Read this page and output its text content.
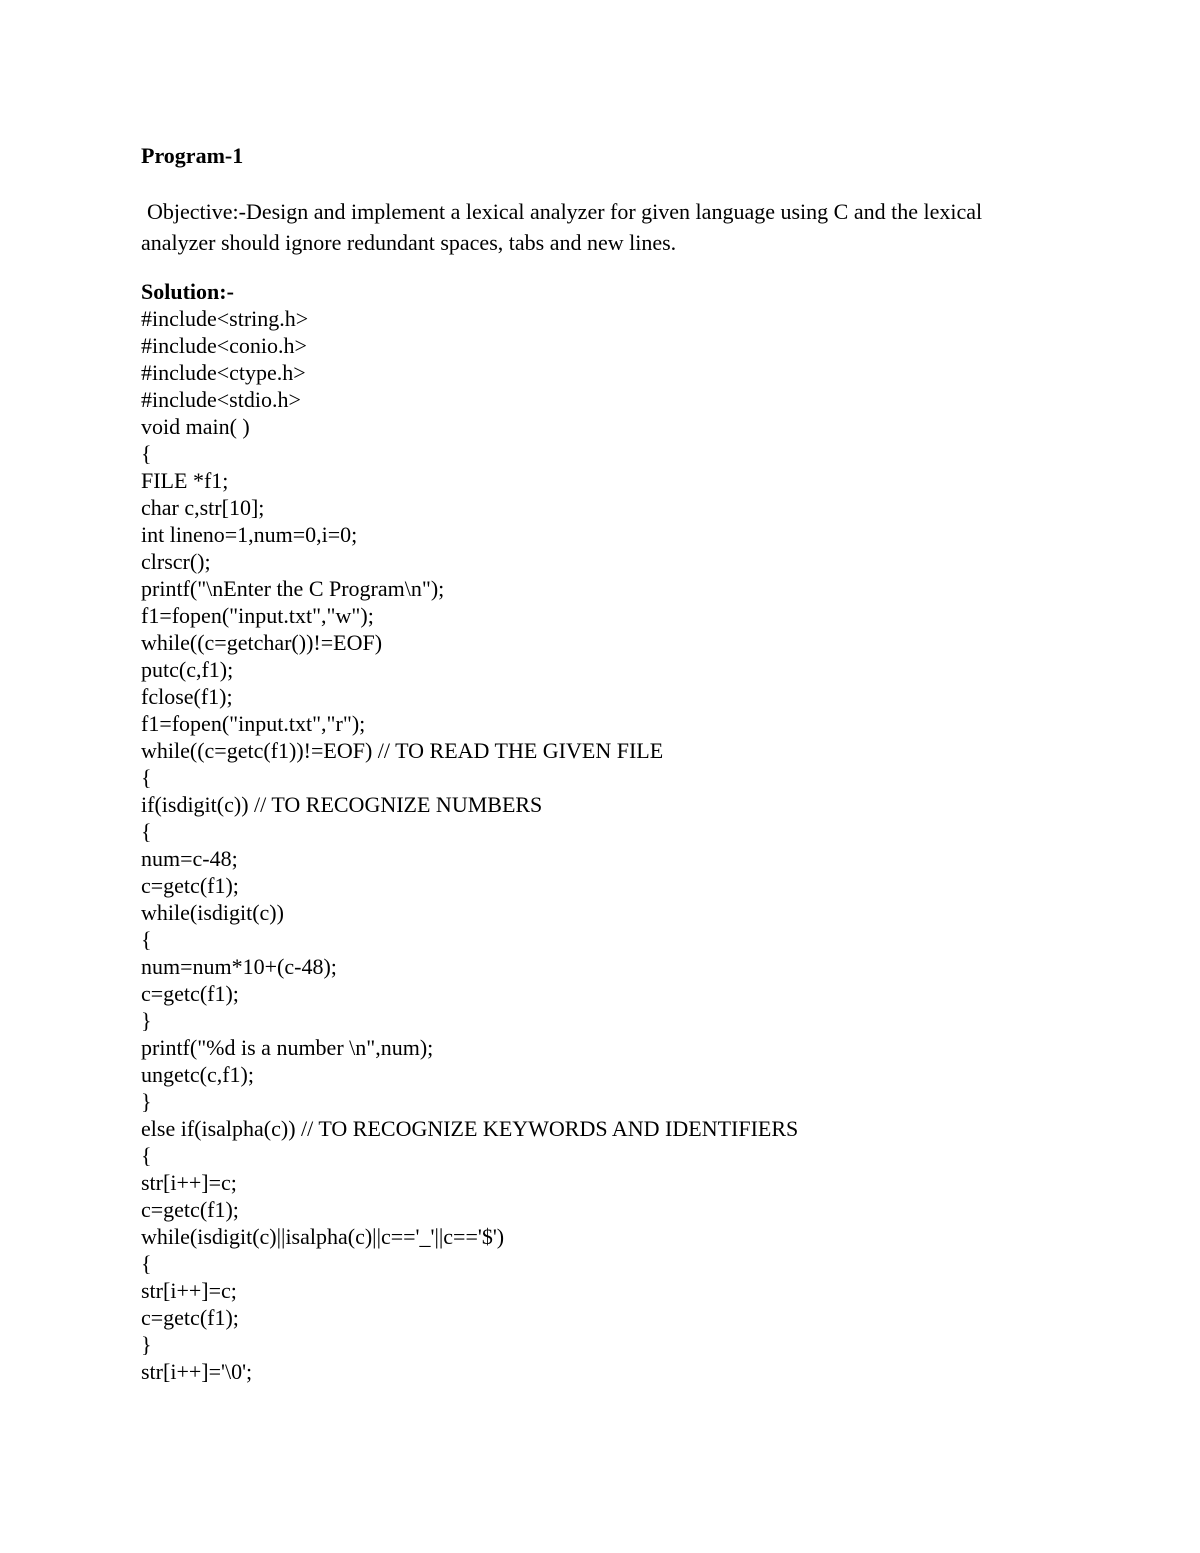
Program-1
Objective:-Design and implement a lexical analyzer for given language using C and the lexical
analyzer should ignore redundant spaces, tabs and new lines.
Solution:-
#include<string.h>
#include<conio.h>
#include<ctype.h>
#include<stdio.h>
void main( )
{
FILE *f1;
char c,str[10];
int lineno=1,num=0,i=0;
clrscr();
printf("\nEnter the C Program\n");
f1=fopen("input.txt","w");
while((c=getchar())!=EOF)
putc(c,f1);
fclose(f1);
f1=fopen("input.txt","r");
while((c=getc(f1))!=EOF) // TO READ THE GIVEN FILE
{
if(isdigit(c)) // TO RECOGNIZE NUMBERS
{
num=c-48;
c=getc(f1);
while(isdigit(c))
{
num=num*10+(c-48);
c=getc(f1);
}
printf("%d is a number \n",num);
ungetc(c,f1);
}
else if(isalpha(c)) // TO RECOGNIZE KEYWORDS AND IDENTIFIERS
{
str[i++]=c;
c=getc(f1);
while(isdigit(c)||isalpha(c)||c=='_'||c=='$')
{
str[i++]=c;
c=getc(f1);
}
str[i++]='\0';
